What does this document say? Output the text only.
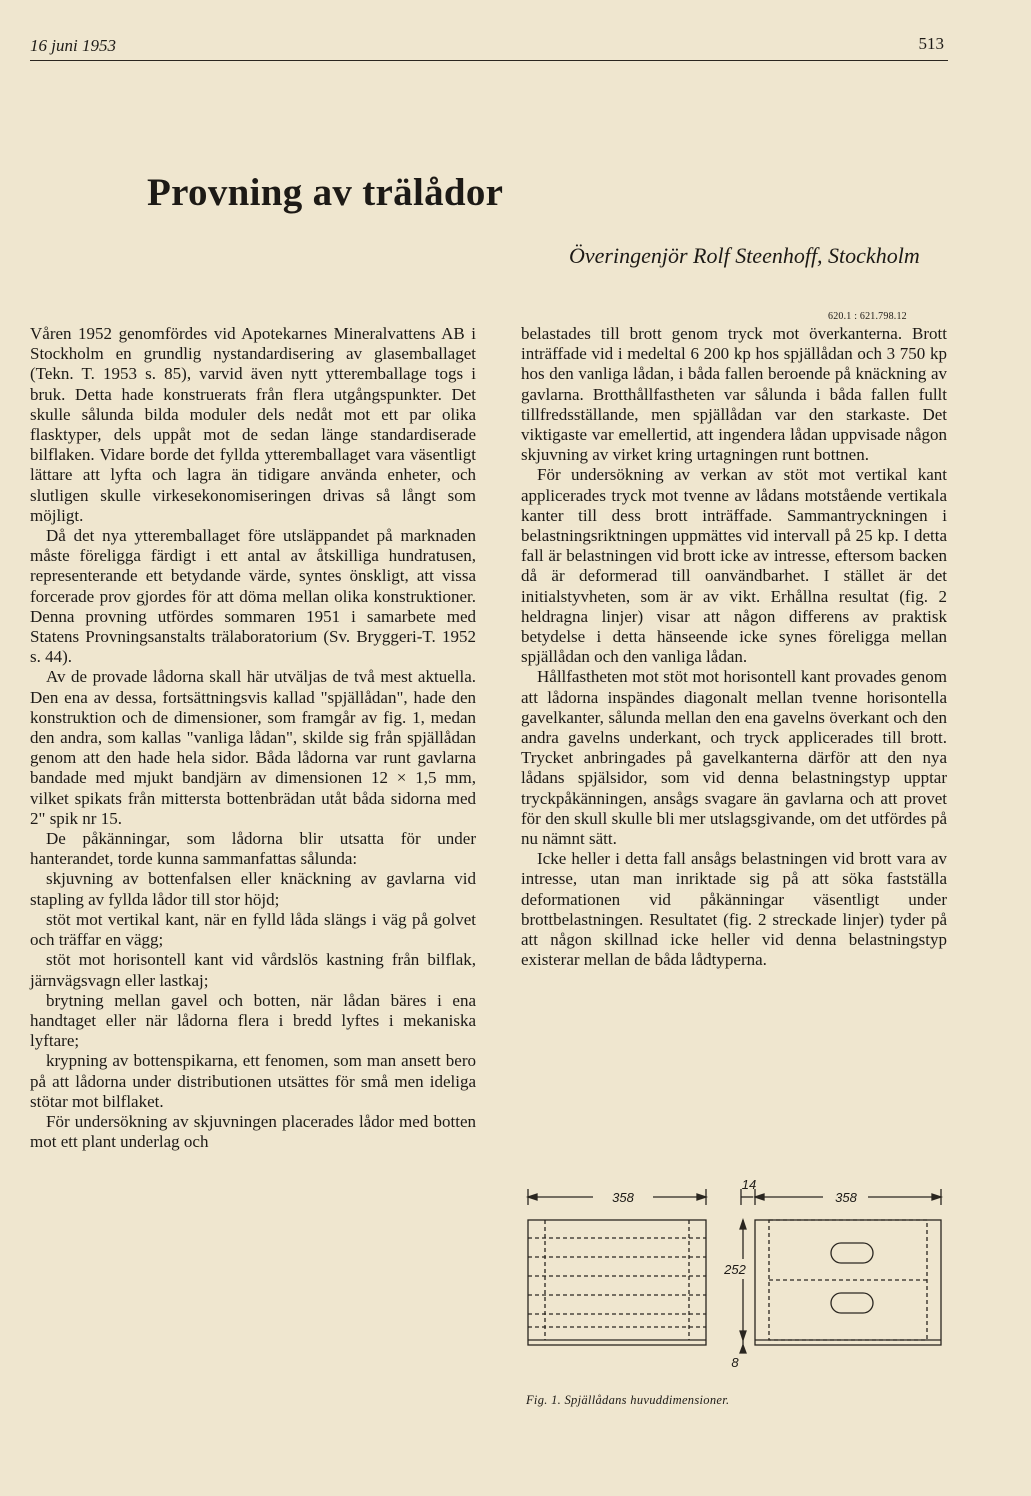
16 juni 1953	513
Provning av trälådor
Överingenjör Rolf Steenhoff, Stockholm
620.1 : 621.798.12

Våren 1952 genomfördes vid Apotekarnes Mineralvattens AB i Stockholm en grundlig nystandardisering av glasemballaget (Tekn. T. 1953 s. 85), varvid även nytt ytteremballage togs i bruk. Detta hade konstruerats från flera utgångspunkter. Det skulle sålunda bilda moduler dels nedåt mot ett par olika flasktyper, dels uppåt mot de sedan länge standardiserade bilflaken. Vidare borde det fyllda ytteremballaget vara väsentligt lättare att lyfta och lagra än tidigare använda enheter, och slutligen skulle virkesekonomiseringen drivas så långt som möjligt.

Då det nya ytteremballaget före utsläppandet på marknaden måste föreligga färdigt i ett antal av åtskilliga hundratusen, representerande ett betydande värde, syntes önskligt, att vissa forcerade prov gjordes för att döma mellan olika konstruktioner. Denna provning utfördes sommaren 1951 i samarbete med Statens Provningsanstalts trälaboratorium (Sv. Bryggeri-T. 1952 s. 44).

Av de provade lådorna skall här utväljas de två mest aktuella. Den ena av dessa, fortsättningsvis kallad "spjällådan", hade den konstruktion och de dimensioner, som framgår av fig. 1, medan den andra, som kallas "vanliga lådan", skilde sig från spjällådan genom att den hade hela sidor. Båda lådorna var runt gavlarna bandade med mjukt bandjärn av dimensionen 12 × 1,5 mm, vilket spikats från mittersta bottenbrädan utåt båda sidorna med 2" spik nr 15.

De påkänningar, som lådorna blir utsatta för under hanterandet, torde kunna sammanfattas sålunda:

skjuvning av bottenfalsen eller knäckning av gavlarna vid stapling av fyllda lådor till stor höjd;

stöt mot vertikal kant, när en fylld låda slängs i väg på golvet och träffar en vägg;

stöt mot horisontell kant vid vårdslös kastning från bilflak, järnvägsvagn eller lastkaj;

brytning mellan gavel och botten, när lådan bäres i ena handtaget eller när lådorna flera i bredd lyftes i mekaniska lyftare;

krypning av bottenspikarna, ett fenomen, som man ansett bero på att lådorna under distributionen utsättes för små men ideliga stötar mot bilflaket.

För undersökning av skjuvningen placerades lådor med botten mot ett plant underlag och

belastades till brott genom tryck mot överkanterna. Brott inträffade vid i medeltal 6 200 kp hos spjällådan och 3 750 kp hos den vanliga lådan, i båda fallen beroende på knäckning av gavlarna. Brotthållfastheten var sålunda i båda fallen fullt tillfredsställande, men spjällådan var den starkaste. Det viktigaste var emellertid, att ingendera lådan uppvisade någon skjuvning av virket kring urtagningen runt bottnen.

För undersökning av verkan av stöt mot vertikal kant applicerades tryck mot tvenne av lådans motstående vertikala kanter till dess brott inträffade. Sammantryckningen i belastningsriktningen uppmättes vid intervall på 25 kp. I detta fall är belastningen vid brott icke av intresse, eftersom backen då är deformerad till oanvändbarhet. I stället är det initialstyvheten, som är av vikt. Erhållna resultat (fig. 2 heldragna linjer) visar att någon differens av praktisk betydelse i detta hänseende icke synes föreligga mellan spjällådan och den vanliga lådan.

Hållfastheten mot stöt mot horisontell kant provades genom att lådorna inspändes diagonalt mellan tvenne horisontella gavelkanter, sålunda mellan den ena gavelns överkant och den andra gavelns underkant, och tryck applicerades till brott. Trycket anbringades på gavelkanterna därför att den nya lådans spjälsidor, som vid denna belastningstyp upptar tryckpåkänningen, ansågs svagare än gavlarna och att provet för den skull skulle bli mer utslagsgivande, om det utfördes på nu nämnt sätt.

Icke heller i detta fall ansågs belastningen vid brott vara av intresse, utan man inriktade sig på att söka fastställa deformationen vid påkänningar väsentligt under brottbelastningen. Resultatet (fig. 2 streckade linjer) tyder på att någon skillnad icke heller vid denna belastningstyp existerar mellan de båda lådtyperna.

358
14
358
252
8
Fig. 1. Spjällådans huvuddimensioner.
